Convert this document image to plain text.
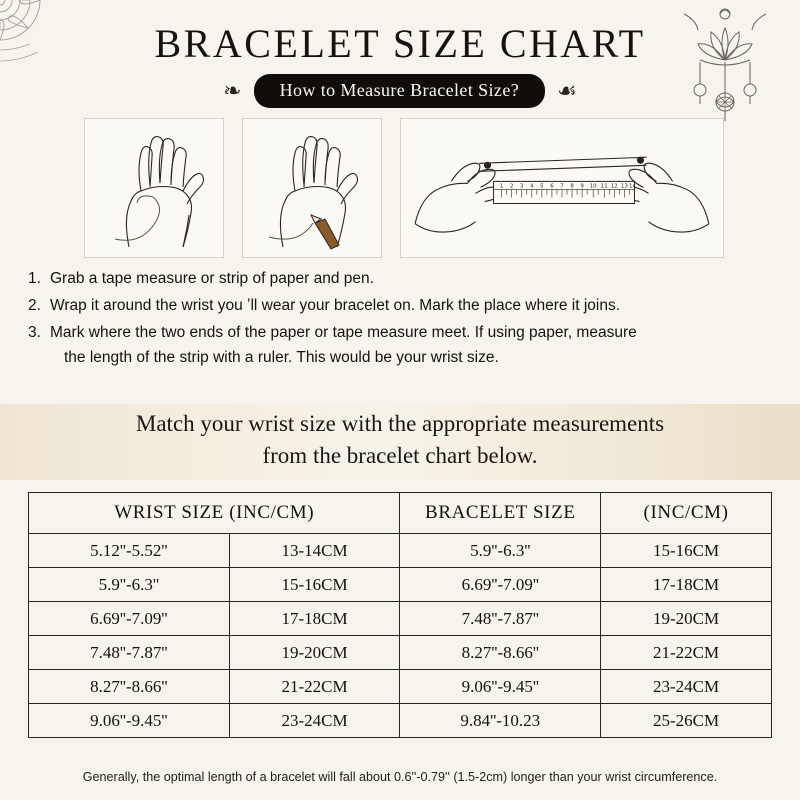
BRACELET SIZE CHART
❧	How to Measure Bracelet Size?	☙
1 2 3 4 5 6 7 8 9 10 11 12 13 14
1. Grab a tape measure or strip of paper and pen.
2. Wrap it around the wrist you ʼll wear your bracelet on. Mark the place where it joins.
3. Mark where the two ends of the paper or tape measure meet. If using paper, measure
the length of the strip with a ruler. This would be your wrist size.
Match your wrist size with the appropriate measurements
from the bracelet chart below.
WRIST SIZE (INC/CM)		BRACELET SIZE	(INC/CM)
5.12''-5.52''	13-14CM	5.9''-6.3''	15-16CM
5.9''-6.3''	15-16CM	6.69''-7.09''	17-18CM
6.69''-7.09''	17-18CM	7.48''-7.87''	19-20CM
7.48''-7.87''	19-20CM	8.27''-8.66''	21-22CM
8.27''-8.66''	21-22CM	9.06''-9.45''	23-24CM
9.06''-9.45''	23-24CM	9.84''-10.23	25-26CM
Generally, the optimal length of a bracelet will fall about 0.6''-0.79'' (1.5-2cm) longer than your wrist circumference.
